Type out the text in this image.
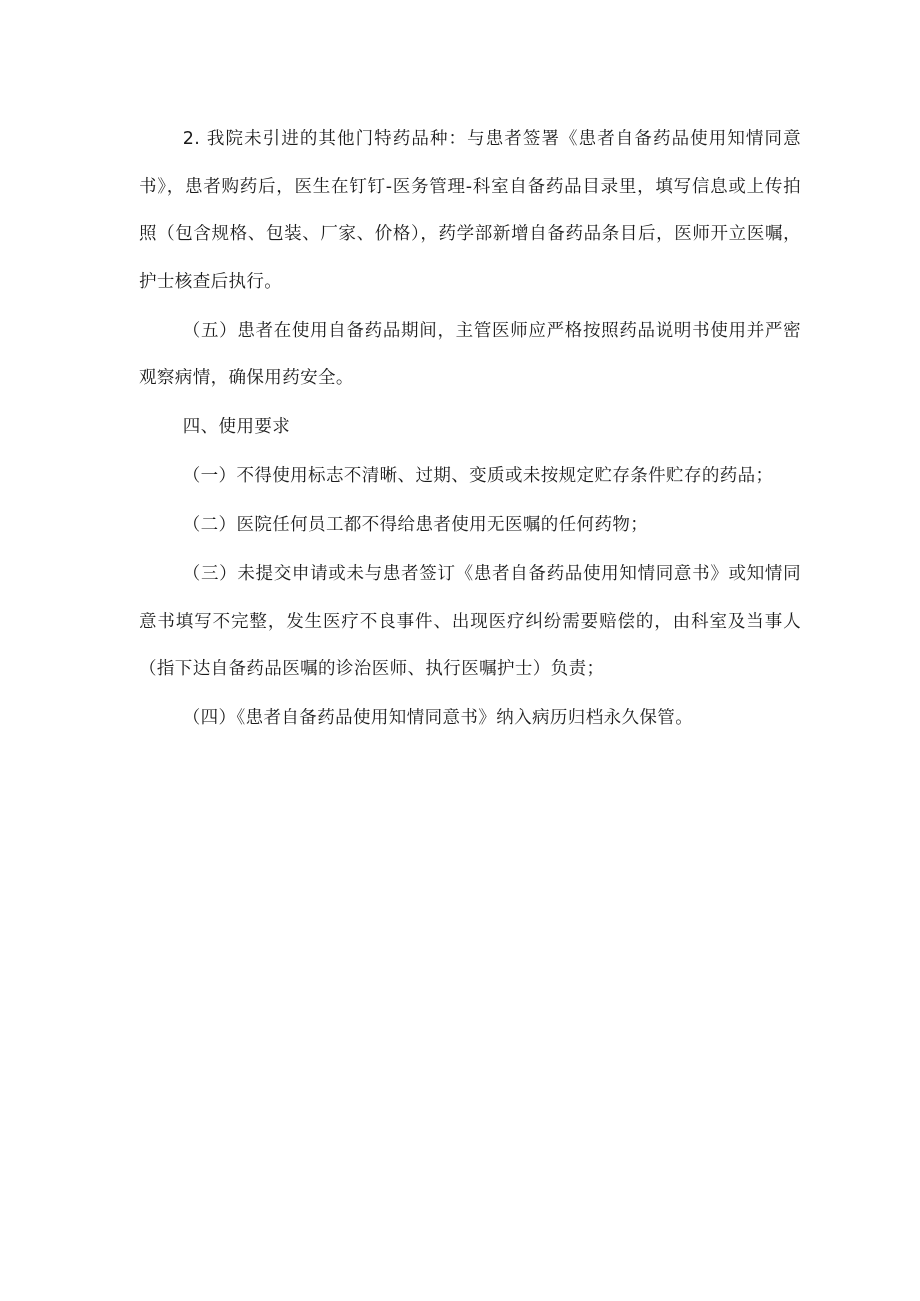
2. 我院未引进的其他门特药品种：与患者签署《患者自备药品使用知情同意书》，患者购药后，医生在钉钉-医务管理-科室自备药品目录里，填写信息或上传拍照（包含规格、包装、厂家、价格），药学部新增自备药品条目后，医师开立医嘱，护士核查后执行。

（五）患者在使用自备药品期间，主管医师应严格按照药品说明书使用并严密观察病情，确保用药安全。

四、使用要求

（一）不得使用标志不清晰、过期、变质或未按规定贮存条件贮存的药品；

（二）医院任何员工都不得给患者使用无医嘱的任何药物；

（三）未提交申请或未与患者签订《患者自备药品使用知情同意书》或知情同意书填写不完整，发生医疗不良事件、出现医疗纠纷需要赔偿的，由科室及当事人（指下达自备药品医嘱的诊治医师、执行医嘱护士）负责；

（四）《患者自备药品使用知情同意书》纳入病历归档永久保管。
